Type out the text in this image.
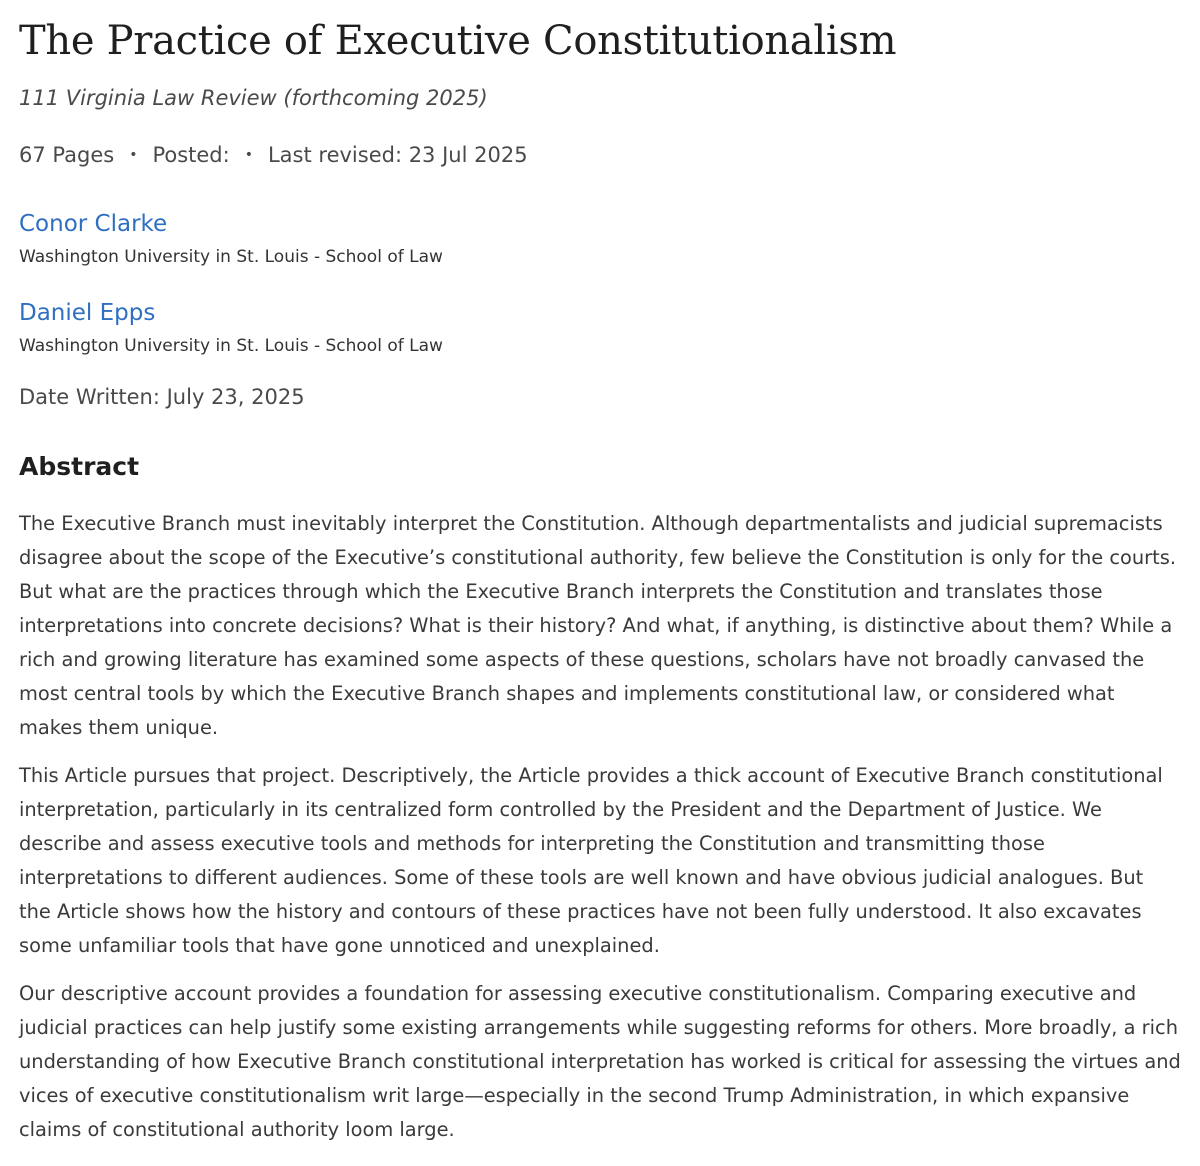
The Practice of Executive Constitutionalism
111 Virginia Law Review (forthcoming 2025)
67 Pages • Posted: • Last revised: 23 Jul 2025
Conor Clarke
Washington University in St. Louis - School of Law
Daniel Epps
Washington University in St. Louis - School of Law
Date Written: July 23, 2025
Abstract

The Executive Branch must inevitably interpret the Constitution. Although departmentalists and judicial supremacists disagree about the scope of the Executive’s constitutional authority, few believe the Constitution is only for the courts. But what are the practices through which the Executive Branch interprets the Constitution and translates those interpretations into concrete decisions? What is their history? And what, if anything, is distinctive about them? While a rich and growing literature has examined some aspects of these questions, scholars have not broadly canvased the most central tools by which the Executive Branch shapes and implements constitutional law, or considered what makes them unique.

This Article pursues that project. Descriptively, the Article provides a thick account of Executive Branch constitutional interpretation, particularly in its centralized form controlled by the President and the Department of Justice. We describe and assess executive tools and methods for interpreting the Constitution and transmitting those interpretations to different audiences. Some of these tools are well known and have obvious judicial analogues. But the Article shows how the history and contours of these practices have not been fully understood. It also excavates some unfamiliar tools that have gone unnoticed and unexplained.

Our descriptive account provides a foundation for assessing executive constitutionalism. Comparing executive and judicial practices can help justify some existing arrangements while suggesting reforms for others. More broadly, a rich understanding of how Executive Branch constitutional interpretation has worked is critical for assessing the virtues and vices of executive constitutionalism writ large—especially in the second Trump Administration, in which expansive claims of constitutional authority loom large.
